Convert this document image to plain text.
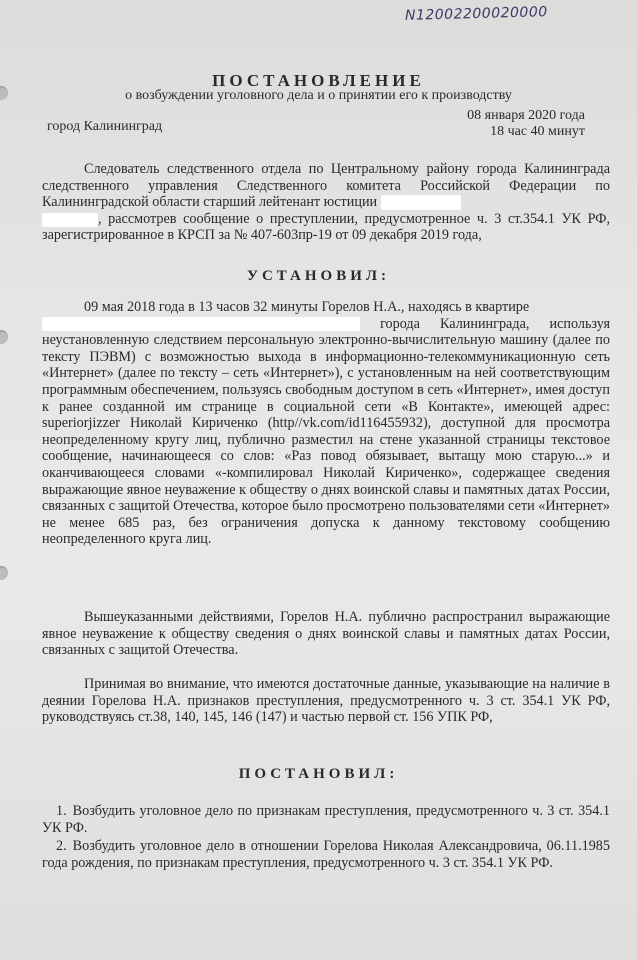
N12002200020000
ПОСТАНОВЛЕНИЕ
о возбуждении уголовного дела и о принятии его к производству
город Калининград
08 января 2020 года
18 час 40 минут

Следователь следственного отдела по Центральному району города Калининграда следственного управления Следственного комитета Российской Федерации по Калининградской области старший лейтенант юстиции
, рассмотрев сообщение о преступлении, предусмотренное ч. 3 ст.354.1 УК РФ, зарегистрированное в КРСП за № 407-603пр-19 от 09 декабря 2019 года,

УСТАНОВИЛ:

09 мая 2018 года в 13 часов 32 минуты Горелов Н.А., находясь в квартире
города Калининграда, используя неустановленную следствием персональную электронно-вычислительную машину (далее по тексту ПЭВМ) с возможностью выхода в информационно-телекоммуникационную сеть «Интернет» (далее по тексту – сеть «Интернет»), с установленным на ней соответствующим программным обеспечением, пользуясь свободным доступом в сеть «Интернет», имея доступ к ранее созданной им странице в социальной сети «В Контакте», имеющей адрес: superiorjizzer Николай Кириченко (http//vk.com/id116455932), доступной для просмотра неопределенному кругу лиц, публично разместил на стене указанной страницы текстовое сообщение, начинающееся со слов: «Раз повод обязывает, вытащу мою старую...» и оканчивающееся словами «-компилировал Николай Кириченко», содержащее сведения выражающие явное неуважение к обществу о днях воинской славы и памятных датах России, связанных с защитой Отечества, которое было просмотрено пользователями сети «Интернет» не менее 685 раз, без ограничения допуска к данному текстовому сообщению неопределенного круга лиц.

Вышеуказанными действиями, Горелов Н.А. публично распространил выражающие явное неуважение к обществу сведения о днях воинской славы и памятных датах России, связанных с защитой Отечества.

Принимая во внимание, что имеются достаточные данные, указывающие на наличие в деянии Горелова Н.А. признаков преступления, предусмотренного ч. 3 ст. 354.1 УК РФ, руководствуясь ст.38, 140, 145, 146 (147) и частью первой ст. 156 УПК РФ,

ПОСТАНОВИЛ:

1. Возбудить уголовное дело по признакам преступления, предусмотренного ч. 3 ст. 354.1 УК РФ.

2. Возбудить уголовное дело в отношении Горелова Николая Александровича, 06.11.1985 года рождения, по признакам преступления, предусмотренного ч. 3 ст. 354.1 УК РФ.
